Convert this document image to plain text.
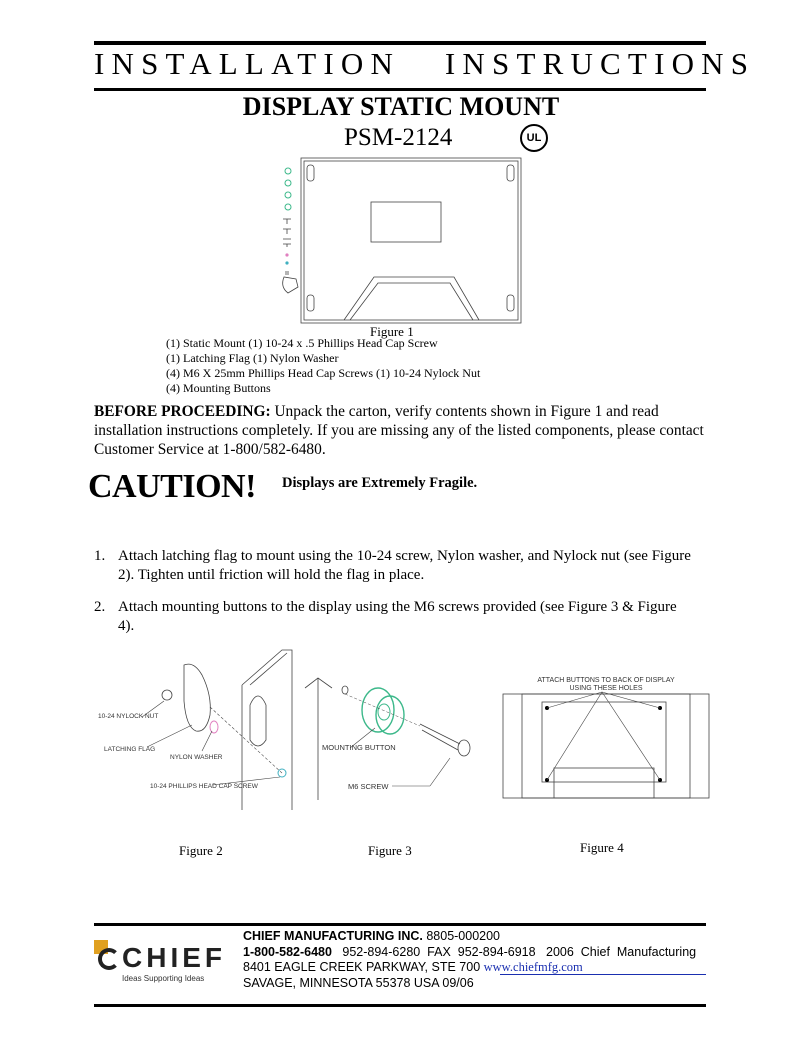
INSTALLATION   INSTRUCTIONS
DISPLAY STATIC MOUNT
PSM-2124	UL
Figure 1
(1) Static Mount (1) 10-24 x .5 Phillips Head Cap Screw
(1) Latching Flag (1) Nylon Washer
(4) M6 X 25mm Phillips Head Cap Screws (1) 10-24 Nylock Nut
(4) Mounting Buttons
BEFORE PROCEEDING: Unpack the carton, verify contents shown in Figure 1 and read installation instructions completely. If you are missing any of the listed components, please contact Customer Service at 1-800/582-6480.
CAUTION! Displays are Extremely Fragile.
1. Attach latching flag to mount using the 10-24 screw, Nylon washer, and Nylock nut (see Figure 2). Tighten until friction will hold the flag in place.
2. Attach mounting buttons to the display using the M6 screws provided (see Figure 3 & Figure 4).
10-24 NYLOCK NUT
LATCHING FLAG
NYLON WASHER
10-24 PHILLIPS HEAD CAP SCREW
MOUNTING BUTTON
M6 SCREW
ATTACH BUTTONS TO BACK OF DISPLAY
USING THESE HOLES
Figure 2	Figure 3	Figure 4
CHIEF
Ideas Supporting Ideas
CHIEF MANUFACTURING INC. 8805-000200
1-800-582-6480   952-894-6280  FAX  952-894-6918   2006  Chief  Manufacturing
8401 EAGLE CREEK PARKWAY, STE 700 www.chiefmfg.com
SAVAGE, MINNESOTA 55378 USA 09/06
